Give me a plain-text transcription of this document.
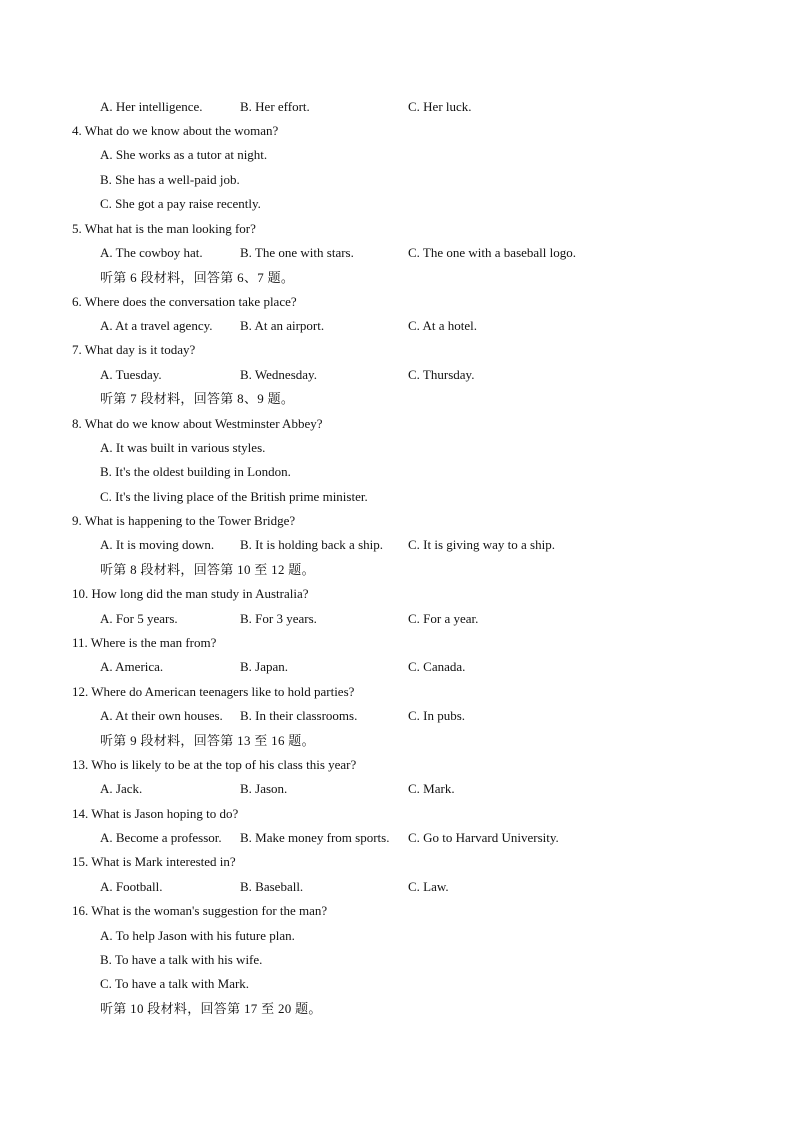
A. Her intelligence.	B. Her effort.	C. Her luck.
4. What do we know about the woman?
A. She works as a tutor at night.
B. She has a well-paid job.
C. She got a pay raise recently.
5. What hat is the man looking for?
A. The cowboy hat.	B. The one with stars.	C. The one with a baseball logo.
听第 6 段材料，回答第 6、7 题。
6. Where does the conversation take place?
A. At a travel agency. B. At an airport.	C. At a hotel.
7. What day is it today?
A. Tuesday.	B. Wednesday.	C. Thursday.
听第 7 段材料，回答第 8、9 题。
8. What do we know about Westminster Abbey?
A. It was built in various styles.
B. It's the oldest building in London.
C. It's the living place of the British prime minister.
9. What is happening to the Tower Bridge?
A. It is moving down. B. It is holding back a ship. C. It is giving way to a ship.
听第 8 段材料，回答第 10 至 12 题。
10. How long did the man study in Australia?
A. For 5 years.	B. For 3 years.	C. For a year.
11. Where is the man from?
A. America.	B. Japan.	C. Canada.
12. Where do American teenagers like to hold parties?
A. At their own houses. B. In their classrooms.	C. In pubs.
听第 9 段材料，回答第 13 至 16 题。
13. Who is likely to be at the top of his class this year?
A. Jack.	B. Jason.	C. Mark.
14. What is Jason hoping to do?
A. Become a professor. B. Make money from sports. C. Go to Harvard University.
15. What is Mark interested in?
A. Football.	B. Baseball.	C. Law.
16. What is the woman's suggestion for the man?
A. To help Jason with his future plan.
B. To have a talk with his wife.
C. To have a talk with Mark.
听第 10 段材料，回答第 17 至 20 题。
